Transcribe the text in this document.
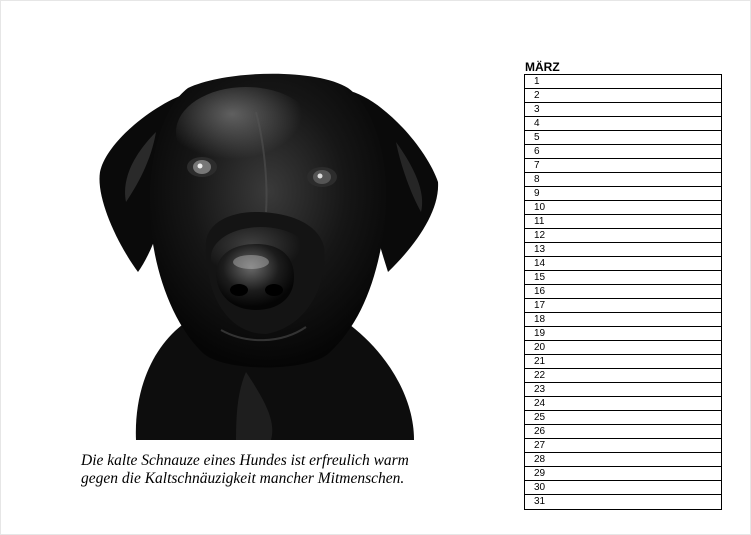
Die kalte Schnauze eines Hundes ist erfreulich warm
gegen die Kaltschnäuzigkeit mancher Mitmenschen.
MÄRZ
1
2
3
4
5
6
7
8
9
10
11
12
13
14
15
16
17
18
19
20
21
22
23
24
25
26
27
28
29
30
31
